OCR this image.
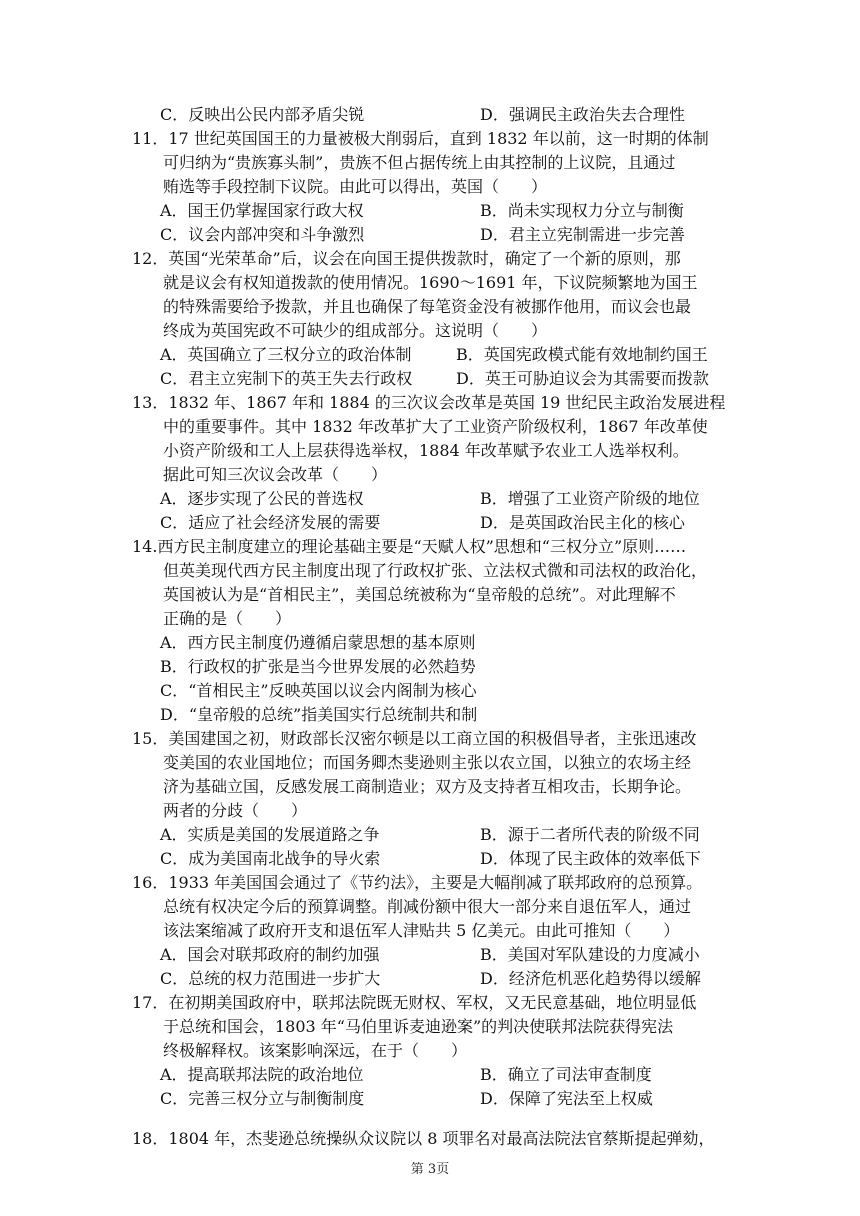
C．反映出公民内部矛盾尖锐	D．强调民主政治失去合理性
11．17 世纪英国国王的力量被极大削弱后，直到 1832 年以前，这一时期的体制
可归纳为“贵族寡头制”，贵族不但占据传统上由其控制的上议院，且通过
贿选等手段控制下议院。由此可以得出，英国（　　）
A．国王仍掌握国家行政大权	B．尚未实现权力分立与制衡
C．议会内部冲突和斗争激烈	D．君主立宪制需进一步完善
12．英国“光荣革命”后，议会在向国王提供拨款时，确定了一个新的原则，那
就是议会有权知道拨款的使用情况。1690～1691 年，下议院频繁地为国王
的特殊需要给予拨款，并且也确保了每笔资金没有被挪作他用，而议会也最
终成为英国宪政不可缺少的组成部分。这说明（　　）
A．英国确立了三权分立的政治体制	B．英国宪政模式能有效地制约国王
C．君主立宪制下的英王失去行政权	D．英王可胁迫议会为其需要而拨款
13．1832 年、1867 年和 1884 的三次议会改革是英国 19 世纪民主政治发展进程
中的重要事件。其中 1832 年改革扩大了工业资产阶级权利，1867 年改革使
小资产阶级和工人上层获得选举权，1884 年改革赋予农业工人选举权利。
据此可知三次议会改革（　　）
A．逐步实现了公民的普选权	B．增强了工业资产阶级的地位
C．适应了社会经济发展的需要	D．是英国政治民主化的核心
14.西方民主制度建立的理论基础主要是“天赋人权”思想和“三权分立”原则……
但英美现代西方民主制度出现了行政权扩张、立法权式微和司法权的政治化，
英国被认为是“首相民主”，美国总统被称为“皇帝般的总统”。对此理解不
正确的是（　　）
A．西方民主制度仍遵循启蒙思想的基本原则
B．行政权的扩张是当今世界发展的必然趋势
C．“首相民主”反映英国以议会内阁制为核心
D．“皇帝般的总统”指美国实行总统制共和制
15．美国建国之初，财政部长汉密尔顿是以工商立国的积极倡导者，主张迅速改
变美国的农业国地位；而国务卿杰斐逊则主张以农立国，以独立的农场主经
济为基础立国，反感发展工商制造业；双方及支持者互相攻击，长期争论。
两者的分歧（　　）
A．实质是美国的发展道路之争	B．源于二者所代表的阶级不同
C．成为美国南北战争的导火索	D．体现了民主政体的效率低下
16．1933 年美国国会通过了《节约法》，主要是大幅削减了联邦政府的总预算。
总统有权决定今后的预算调整。削减份额中很大一部分来自退伍军人，通过
该法案缩减了政府开支和退伍军人津贴共 5 亿美元。由此可推知（　　）
A．国会对联邦政府的制约加强	B．美国对军队建设的力度减小
C．总统的权力范围进一步扩大	D．经济危机恶化趋势得以缓解
17．在初期美国政府中，联邦法院既无财权、军权，又无民意基础，地位明显低
于总统和国会，1803 年“马伯里诉麦迪逊案”的判决使联邦法院获得宪法
终极解释权。该案影响深远，在于（　　）
A．提高联邦法院的政治地位	B．确立了司法审查制度
C．完善三权分立与制衡制度	D．保障了宪法至上权威
18．1804 年，杰斐逊总统操纵众议院以 8 项罪名对最高法院法官蔡斯提起弹劾，
第 3页
